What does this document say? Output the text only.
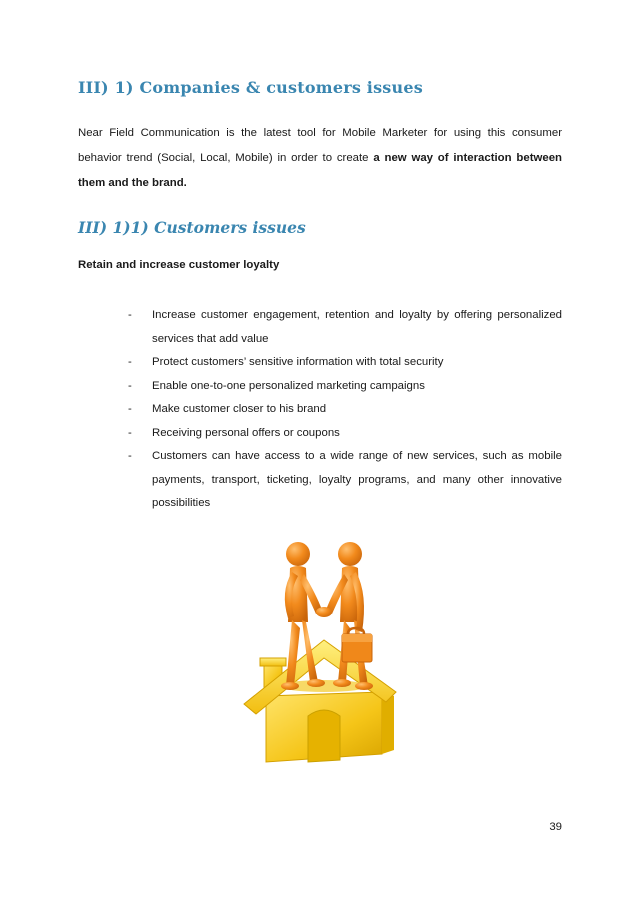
III) 1) Companies & customers issues

Near Field Communication is the latest tool for Mobile Marketer for using this consumer behavior trend (Social, Local, Mobile) in order to create a new way of interaction between them and the brand.

III) 1)1) Customers issues

Retain and increase customer loyalty

- Increase customer engagement, retention and loyalty by offering personalized services that add value
- Protect customers’ sensitive information with total security
- Enable one-to-one personalized marketing campaigns
- Make customer closer to his brand
- Receiving personal offers or coupons
- Customers can have access to a wide range of new services, such as mobile payments, transport, ticketing, loyalty programs, and many other innovative possibilities
39
